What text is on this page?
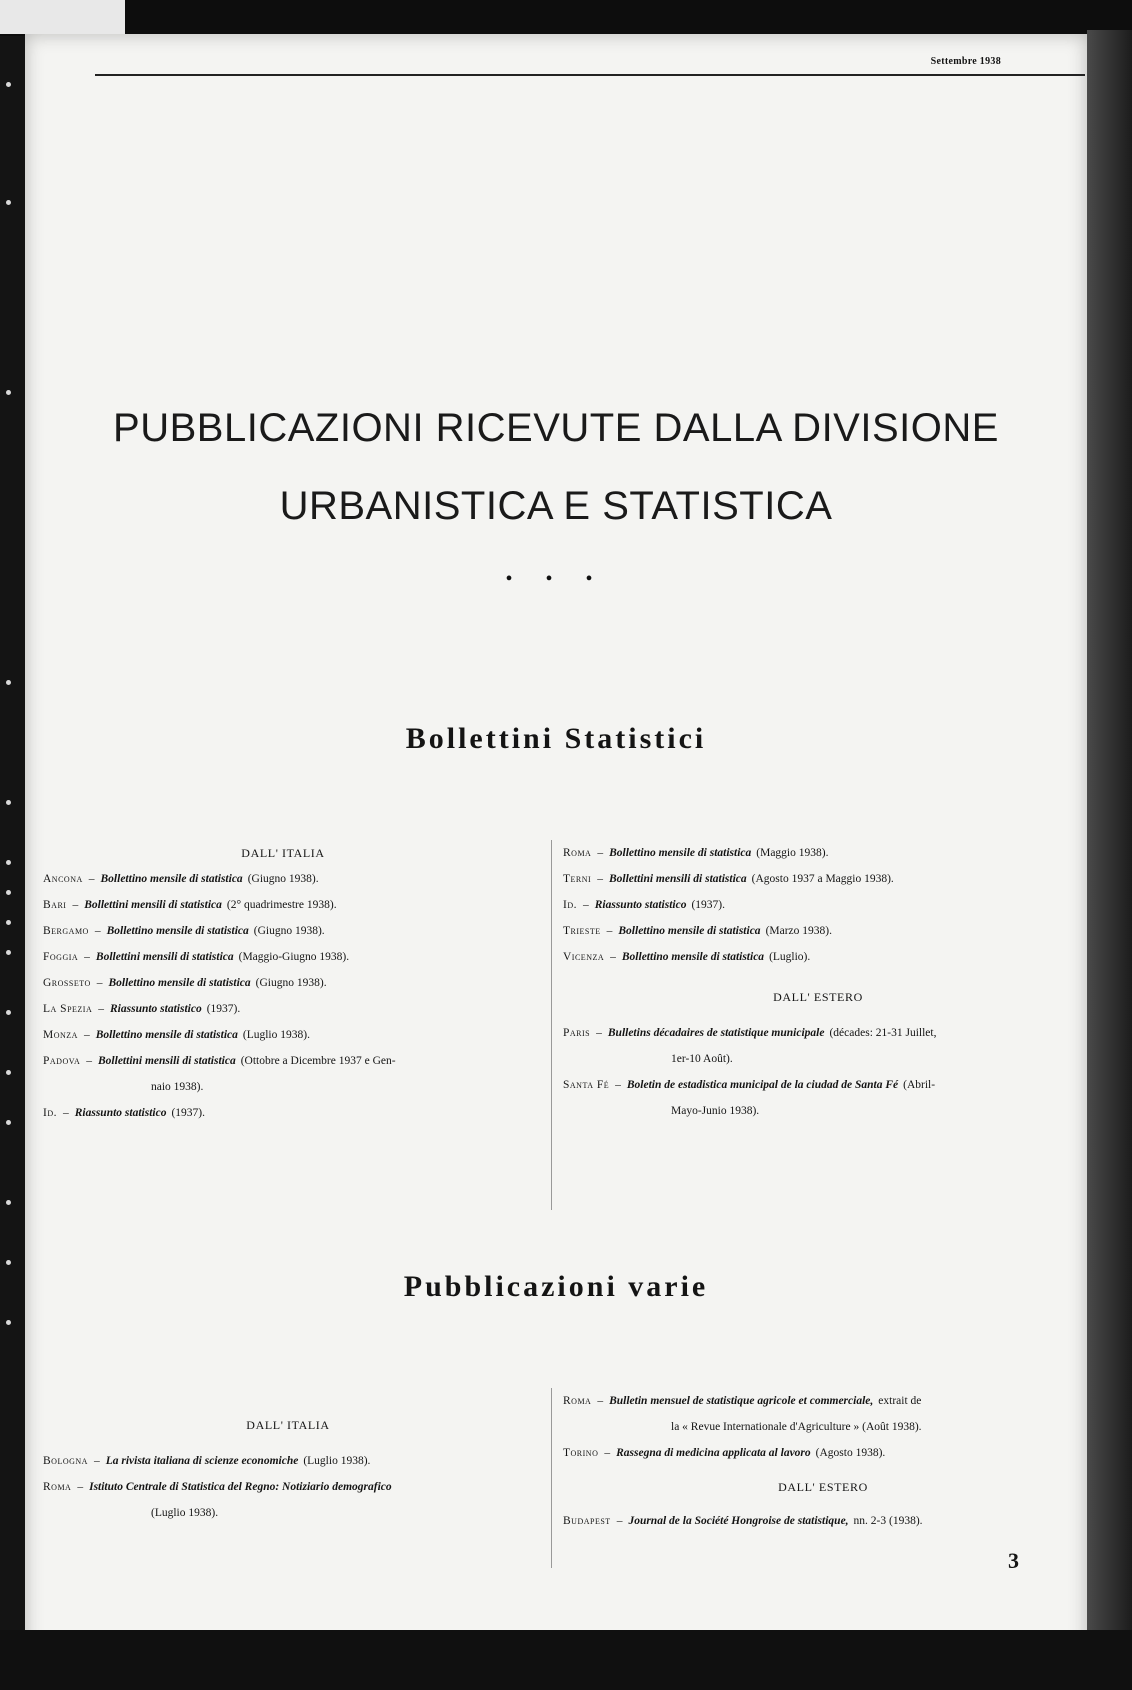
Settembre 1938
PUBBLICAZIONI RICEVUTE DALLA DIVISIONE
URBANISTICA E STATISTICA
• • •
Bollettini Statistici
DALL' ITALIA
Ancona – Bollettino mensile di statistica (Giugno 1938).
Bari – Bollettini mensili di statistica (2° quadrimestre 1938).
Bergamo – Bollettino mensile di statistica (Giugno 1938).
Foggia – Bollettini mensili di statistica (Maggio-Giugno 1938).
Grosseto – Bollettino mensile di statistica (Giugno 1938).
La Spezia – Riassunto statistico (1937).
Monza – Bollettino mensile di statistica (Luglio 1938).
Padova – Bollettini mensili di statistica (Ottobre a Dicembre 1937 e Gen-
naio 1938).
Id. – Riassunto statistico (1937).
Roma – Bollettino mensile di statistica (Maggio 1938).
Terni – Bollettini mensili di statistica (Agosto 1937 a Maggio 1938).
Id. – Riassunto statistico (1937).
Trieste – Bollettino mensile di statistica (Marzo 1938).
Vicenza – Bollettino mensile di statistica (Luglio).
DALL' ESTERO
Paris – Bulletins décadaires de statistique municipale (décades: 21-31 Juillet,
1er-10 Août).
Santa Fé – Boletin de estadistica municipal de la ciudad de Santa Fé (Abril-
Mayo-Junio 1938).
Pubblicazioni varie
DALL' ITALIA
Bologna – La rivista italiana di scienze economiche (Luglio 1938).
Roma – Istituto Centrale di Statistica del Regno: Notiziario demografico
(Luglio 1938).
Roma – Bulletin mensuel de statistique agricole et commerciale, extrait de
la « Revue Internationale d'Agriculture » (Août 1938).
Torino – Rassegna di medicina applicata al lavoro (Agosto 1938).
DALL' ESTERO
Budapest – Journal de la Société Hongroise de statistique, nn. 2-3 (1938).
3
